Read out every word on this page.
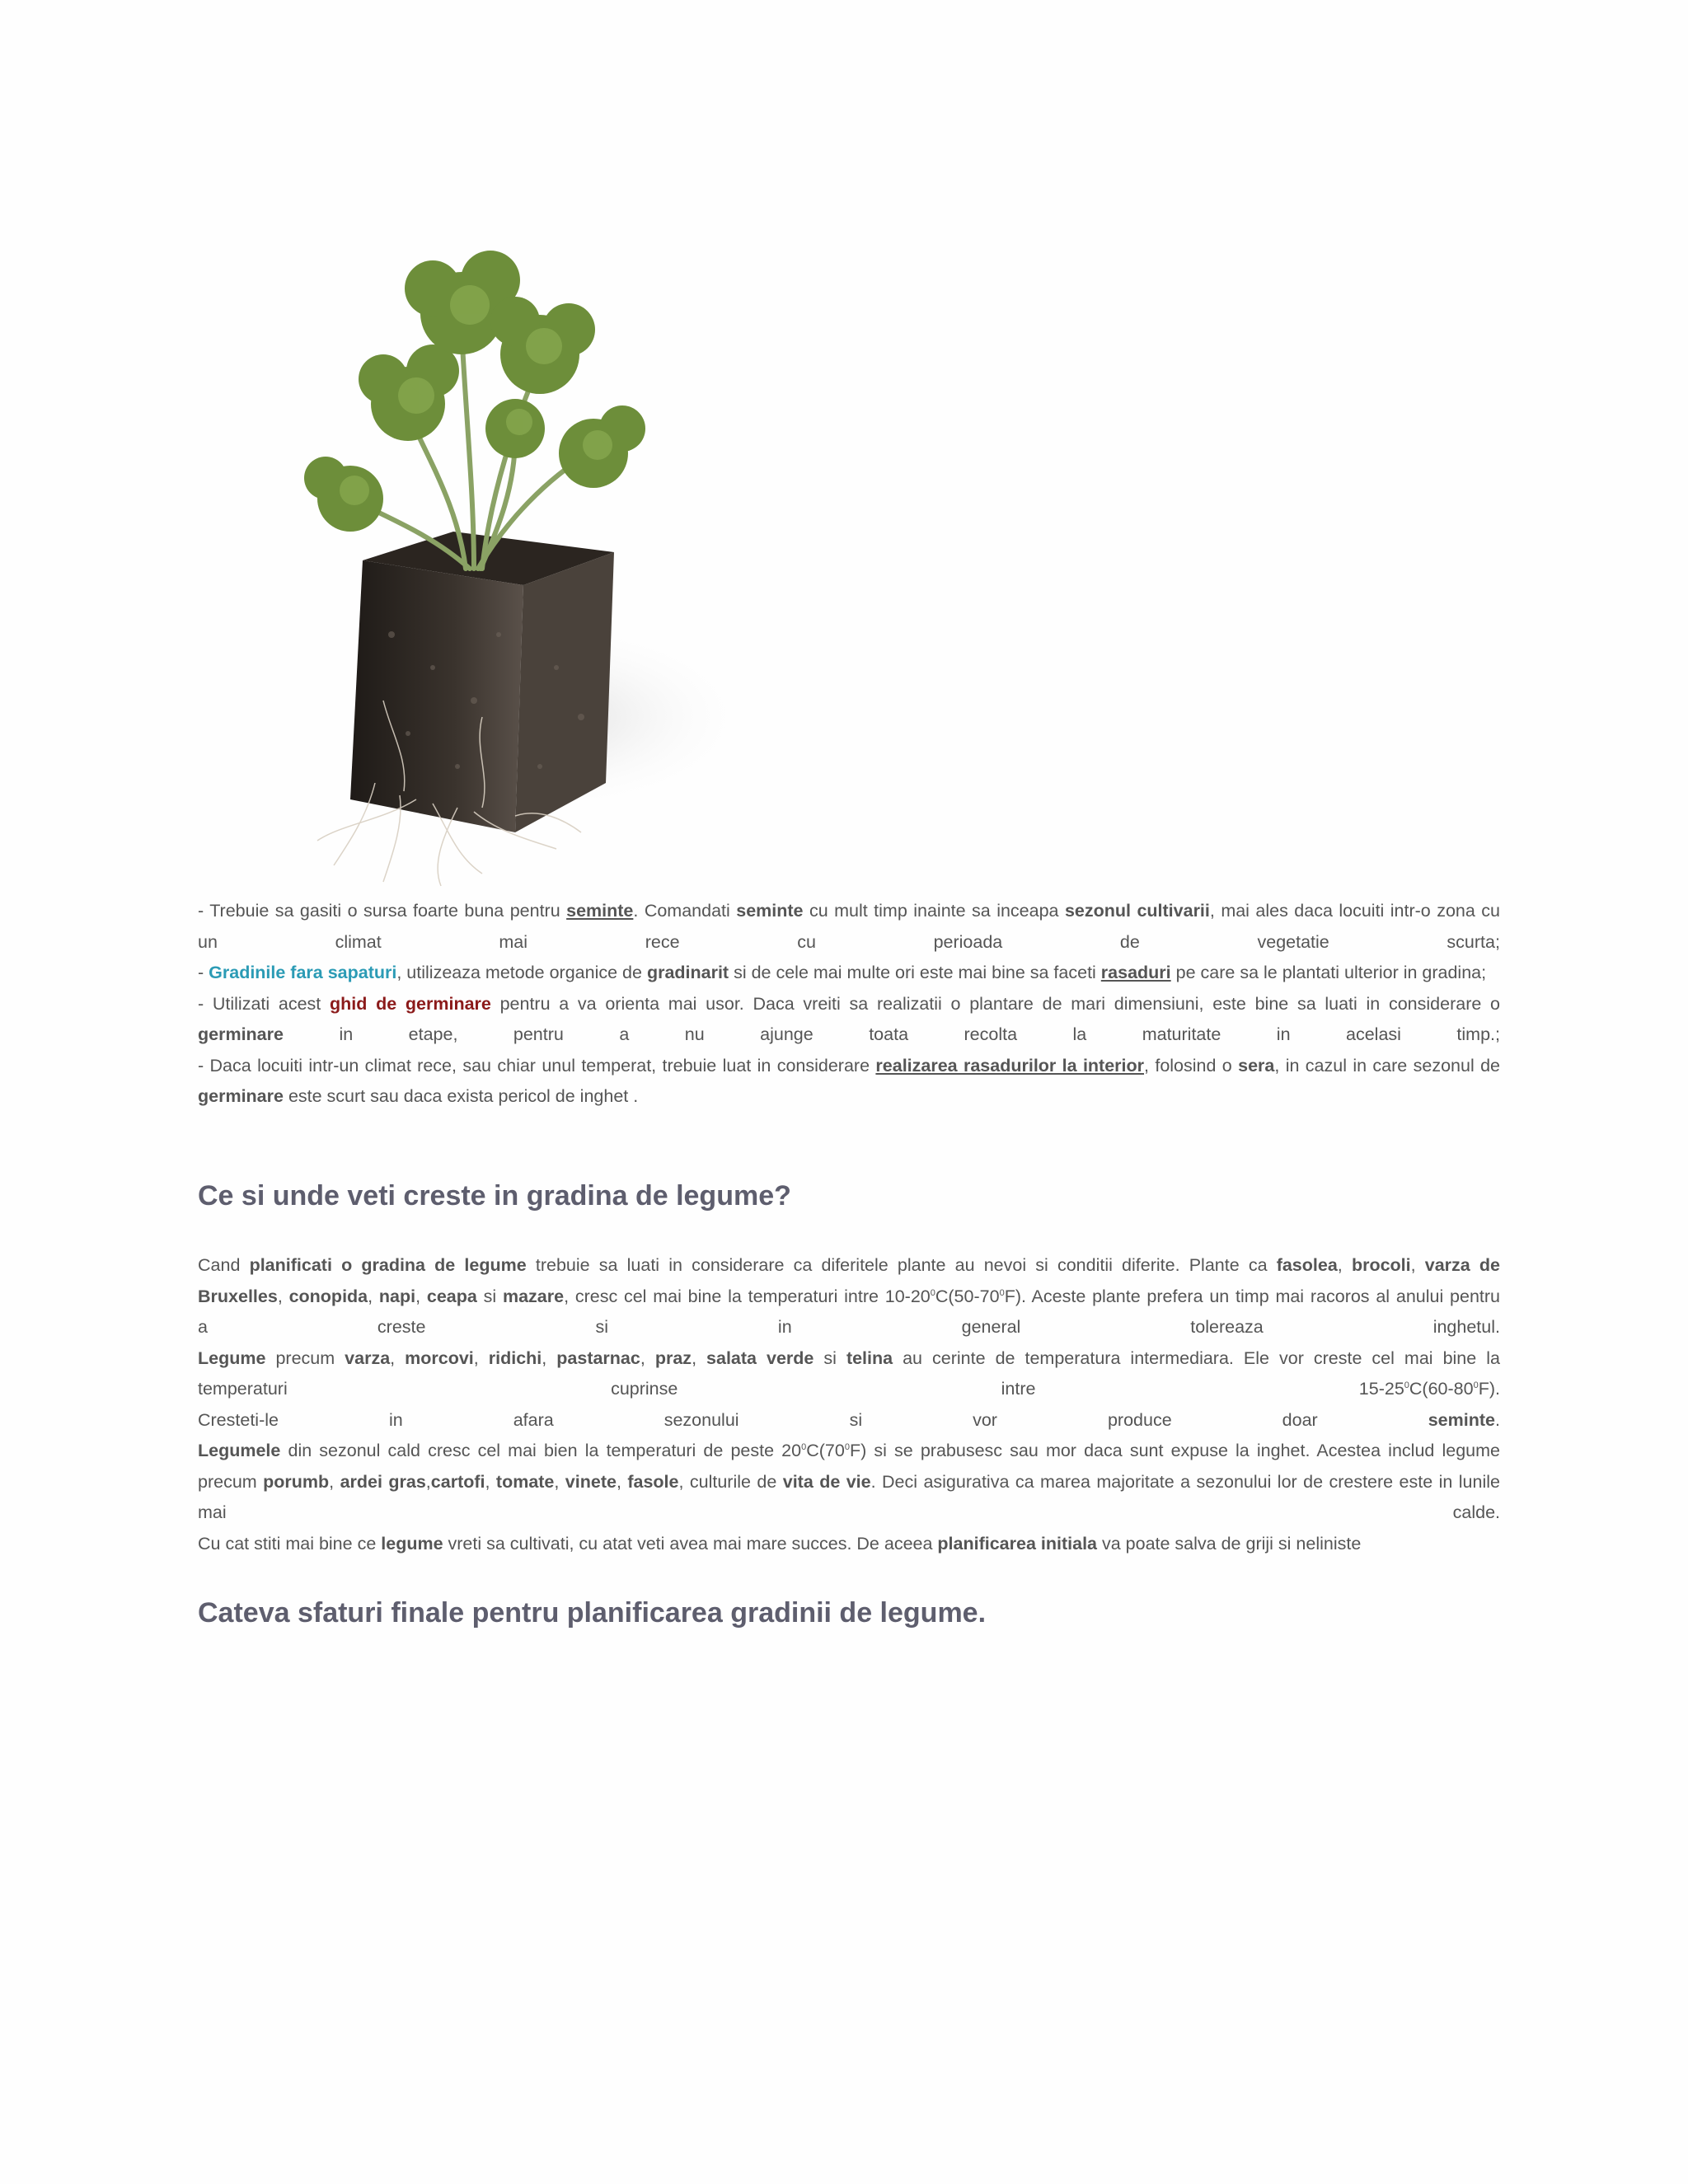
- Trebuie sa gasiti o sursa foarte buna pentru seminte. Comandati seminte cu mult timp inainte sa inceapa sezonul cultivarii, mai ales daca locuiti intr-o zona cu
un	climat	mai	rece	cu	perioada	de	vegetatie	scurta;
- Gradinile fara sapaturi, utilizeaza metode organice de gradinarit si de cele mai multe ori este mai bine sa faceti rasaduri pe care sa le plantati ulterior in gradina;
- Utilizati acest ghid de germinare pentru a va orienta mai usor. Daca vreiti sa realizatii o plantare de mari dimensiuni, este bine sa luati in considerare o
germinare	in	etape,	pentru	a	nu	ajunge	toata	recolta	la	maturitate	in	acelasi	timp.;
- Daca locuiti intr-un climat rece, sau chiar unul temperat, trebuie luat in considerare realizarea rasadurilor la interior, folosind o sera, in cazul in care sezonul de
germinare este scurt sau daca exista pericol de inghet .

Ce si unde veti creste in gradina de legume?

Cand planificati o gradina de legume trebuie sa luati in considerare ca diferitele plante au nevoi si conditii diferite. Plante ca fasolea, brocoli, varza de
Bruxelles, conopida, napi, ceapa si mazare, cresc cel mai bine la temperaturi intre $10-20^0C(50-70^0F)$. Aceste plante prefera un timp mai racoros al anului pentru
a	creste	si	in	general	tolereaza	inghetul.
Legume precum varza, morcovi, ridichi, pastarnac, praz, salata verde si telina au cerinte de temperatura intermediara. Ele vor creste cel mai bine la
temperaturi	cuprinse	intre	$15-25^0C(60-80^0F)$.
Cresteti-le	in	afara	sezonului	si	vor	produce	doar	seminte.
Legumele din sezonul cald cresc cel mai bien la temperaturi de peste $20^0C(70^0F)$ si se prabusesc sau mor daca sunt expuse la inghet. Acestea includ legume
precum porumb, ardei gras,cartofi, tomate, vinete, fasole, culturile de vita de vie. Deci asigurativa ca marea majoritate a sezonului lor de crestere este in lunile
mai	calde.
Cu cat stiti mai bine ce legume vreti sa cultivati, cu atat veti avea mai mare succes. De aceea planificarea initiala va poate salva de griji si neliniste

Cateva sfaturi finale pentru planificarea gradinii de legume.
